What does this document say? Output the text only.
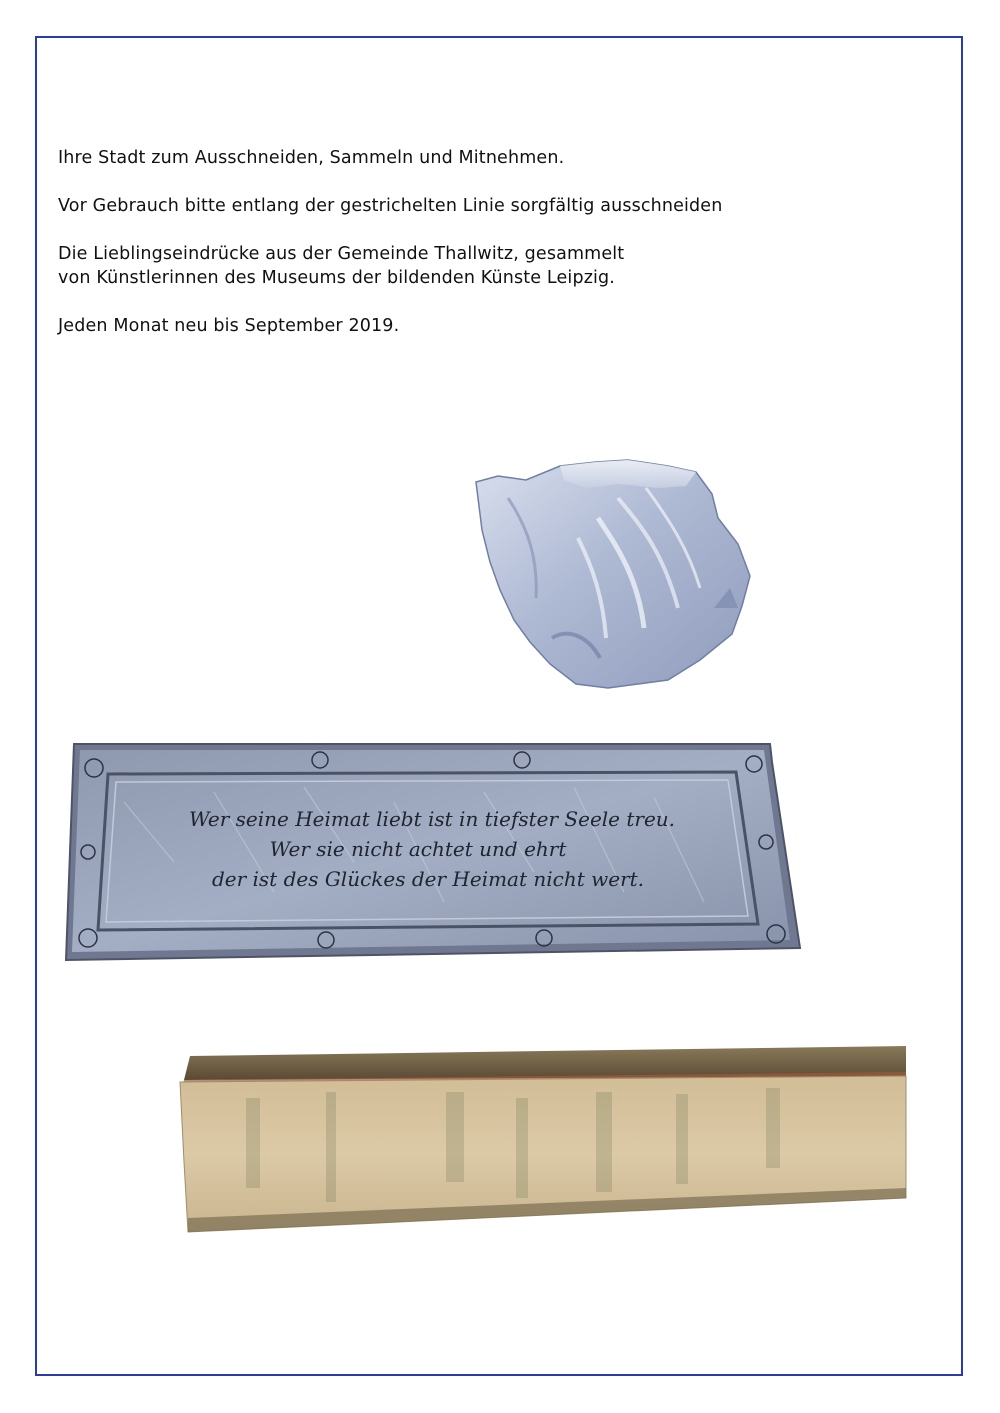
Ihre Stadt zum Ausschneiden, Sammeln und Mitnehmen.

Vor Gebrauch bitte entlang der gestrichelten Linie sorgfältig ausschneiden

Die Lieblingseindrücke aus der Gemeinde Thallwitz, gesammelt
von Künstlerinnen des Museums der bildenden Künste Leipzig.

Jeden Monat neu bis September 2019.

Wer seine Heimat liebt ist in tiefster Seele treu.
Wer sie nicht achtet und ehrt
der ist des Glückes der Heimat nicht wert.
